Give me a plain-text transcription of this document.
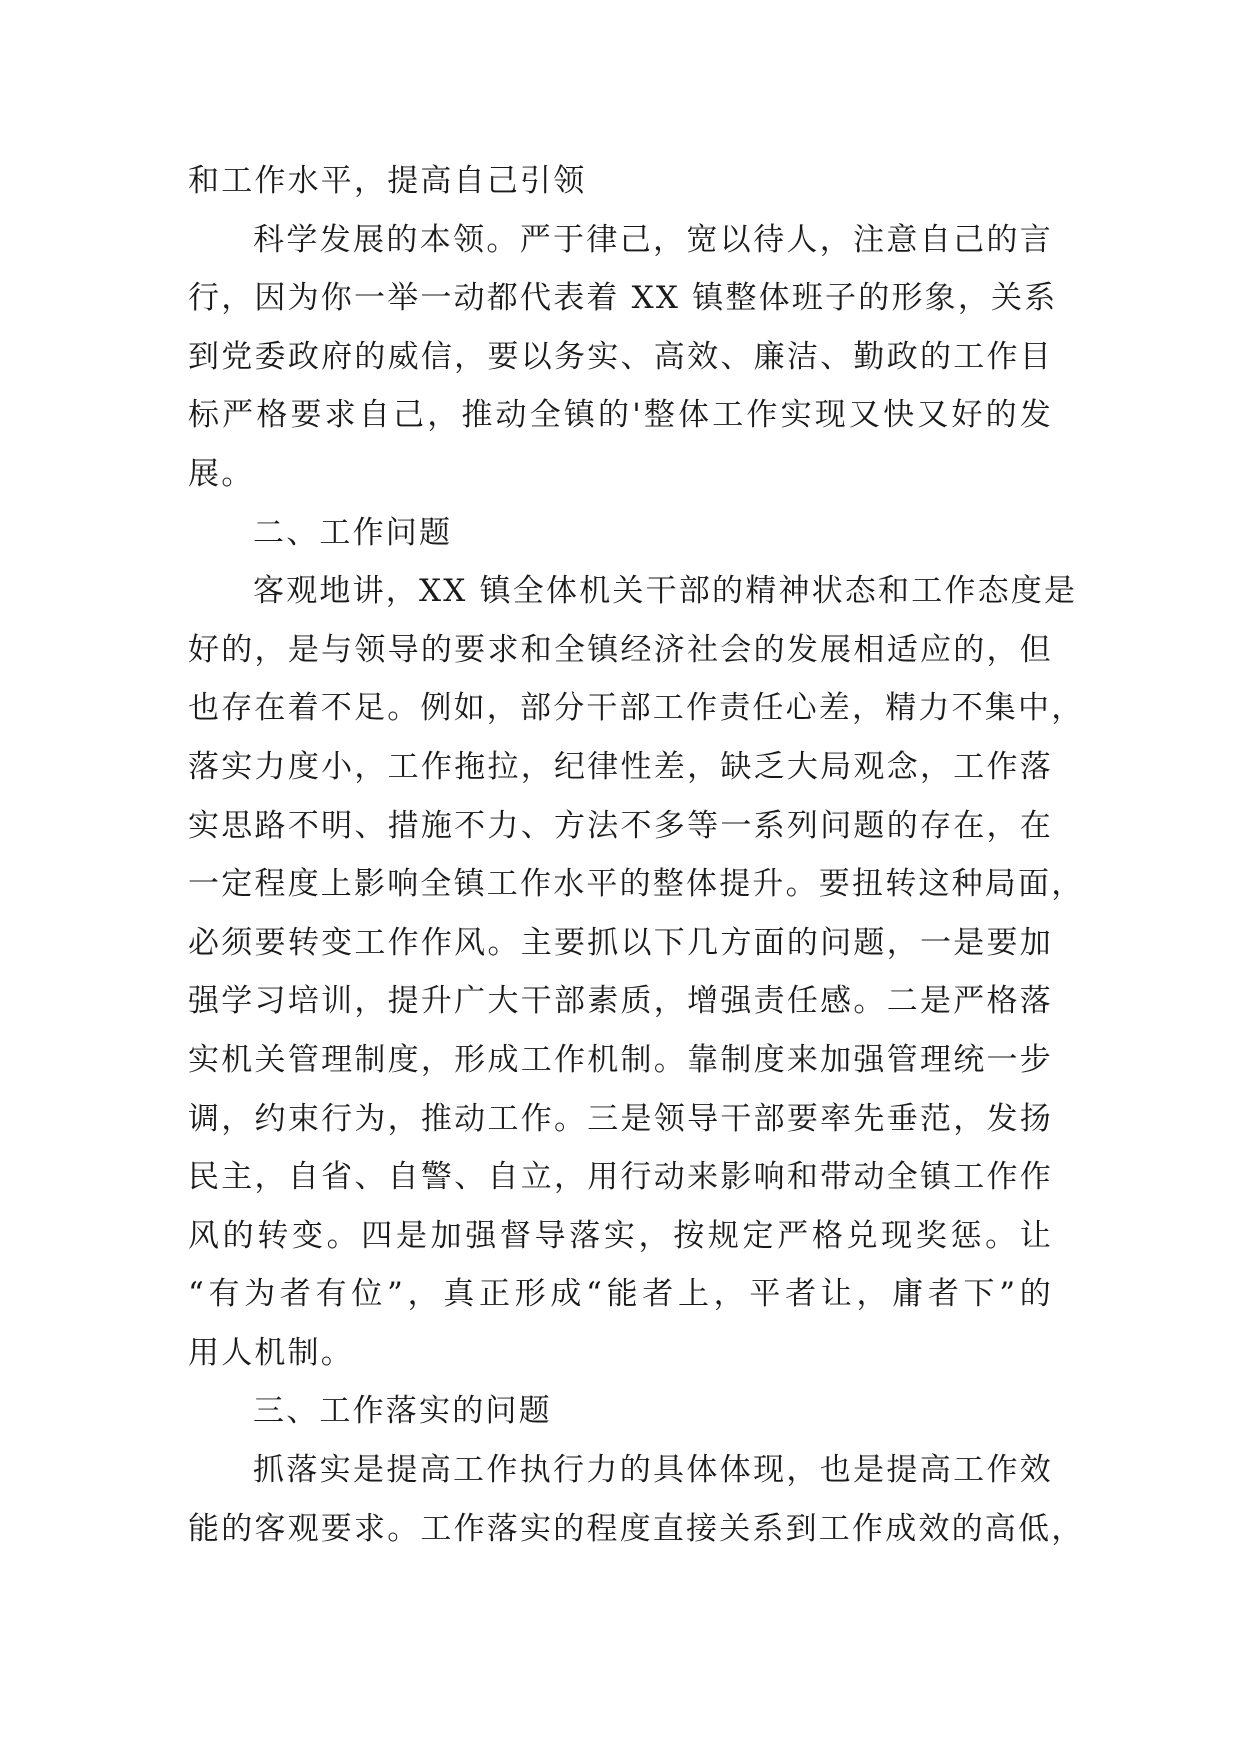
和工作水平，提高自己引领
科学发展的本领。严于律己，宽以待人，注意自己的言
行，因为你一举一动都代表着 XX 镇整体班子的形象，关系
到党委政府的威信，要以务实、高效、廉洁、勤政的工作目
标严格要求自己，推动全镇的'整体工作实现又快又好的发
展。
二、工作问题
客观地讲，XX 镇全体机关干部的精神状态和工作态度是
好的，是与领导的要求和全镇经济社会的发展相适应的，但
也存在着不足。例如，部分干部工作责任心差，精力不集中，
落实力度小，工作拖拉，纪律性差，缺乏大局观念，工作落
实思路不明、措施不力、方法不多等一系列问题的存在，在
一定程度上影响全镇工作水平的整体提升。要扭转这种局面，
必须要转变工作作风。主要抓以下几方面的问题，一是要加
强学习培训，提升广大干部素质，增强责任感。二是严格落
实机关管理制度，形成工作机制。靠制度来加强管理统一步
调，约束行为，推动工作。三是领导干部要率先垂范，发扬
民主，自省、自警、自立，用行动来影响和带动全镇工作作
风的转变。四是加强督导落实，按规定严格兑现奖惩。让
“有为者有位”，真正形成“能者上，平者让，庸者下”的
用人机制。
三、工作落实的问题
抓落实是提高工作执行力的具体体现，也是提高工作效
能的客观要求。工作落实的程度直接关系到工作成效的高低，
